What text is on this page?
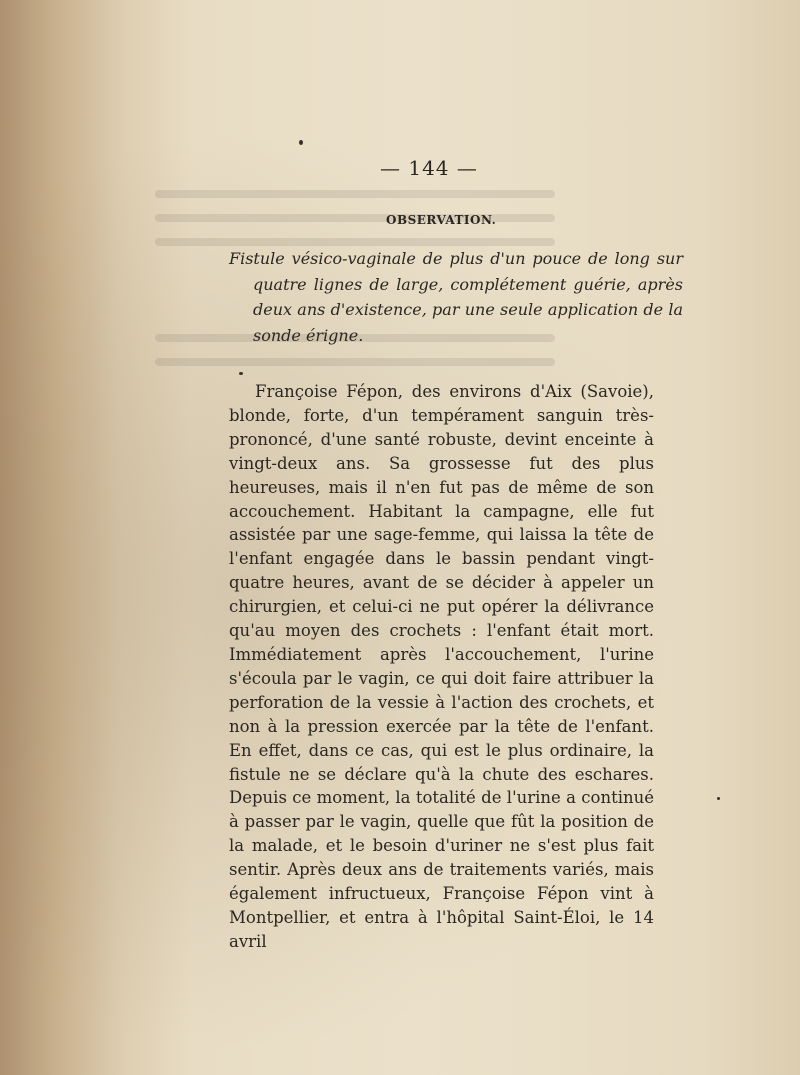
— 144 —
OBSERVATION.
Fistule vésico-vaginale de plus d'un pouce de long sur quatre lignes de large, complétement guérie, après deux ans d'existence, par une seule application de la sonde érigne.
Françoise Fépon, des environs d'Aix (Savoie), blonde, forte, d'un tempérament sanguin très-prononcé, d'une santé robuste, devint enceinte à vingt-deux ans. Sa grossesse fut des plus heureuses, mais il n'en fut pas de même de son accouchement. Habitant la campagne, elle fut assistée par une sage-femme, qui laissa la tête de l'enfant engagée dans le bassin pendant vingt-quatre heures, avant de se décider à appeler un chirurgien, et celui-ci ne put opérer la délivrance qu'au moyen des crochets : l'enfant était mort. Immédiatement après l'accouchement, l'urine s'écoula par le vagin, ce qui doit faire attribuer la perforation de la vessie à l'action des crochets, et non à la pression exercée par la tête de l'enfant. En effet, dans ce cas, qui est le plus ordinaire, la fistule ne se déclare qu'à la chute des eschares. Depuis ce moment, la totalité de l'urine a continué à passer par le vagin, quelle que fût la position de la malade, et le besoin d'uriner ne s'est plus fait sentir. Après deux ans de traitements variés, mais également infructueux, Françoise Fépon vint à Montpellier, et entra à l'hôpital Saint-Éloi, le 14 avril
